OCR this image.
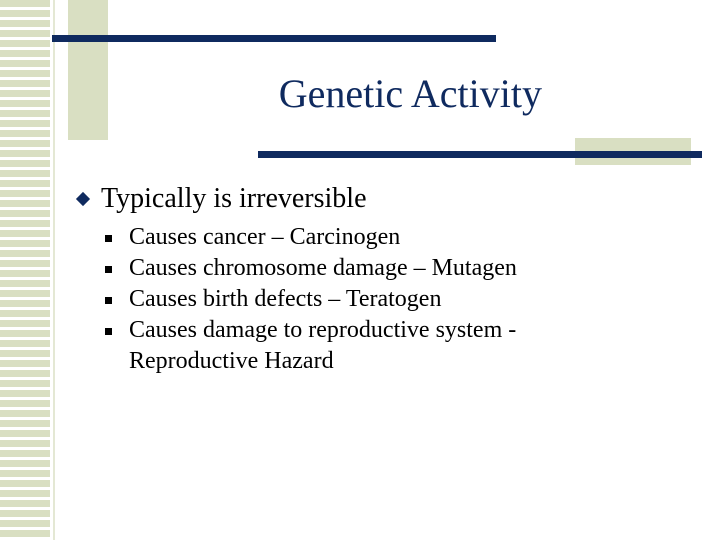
Genetic Activity
Typically is irreversible
Causes cancer – Carcinogen
Causes chromosome damage – Mutagen
Causes birth defects – Teratogen
Causes damage to reproductive system - Reproductive Hazard
